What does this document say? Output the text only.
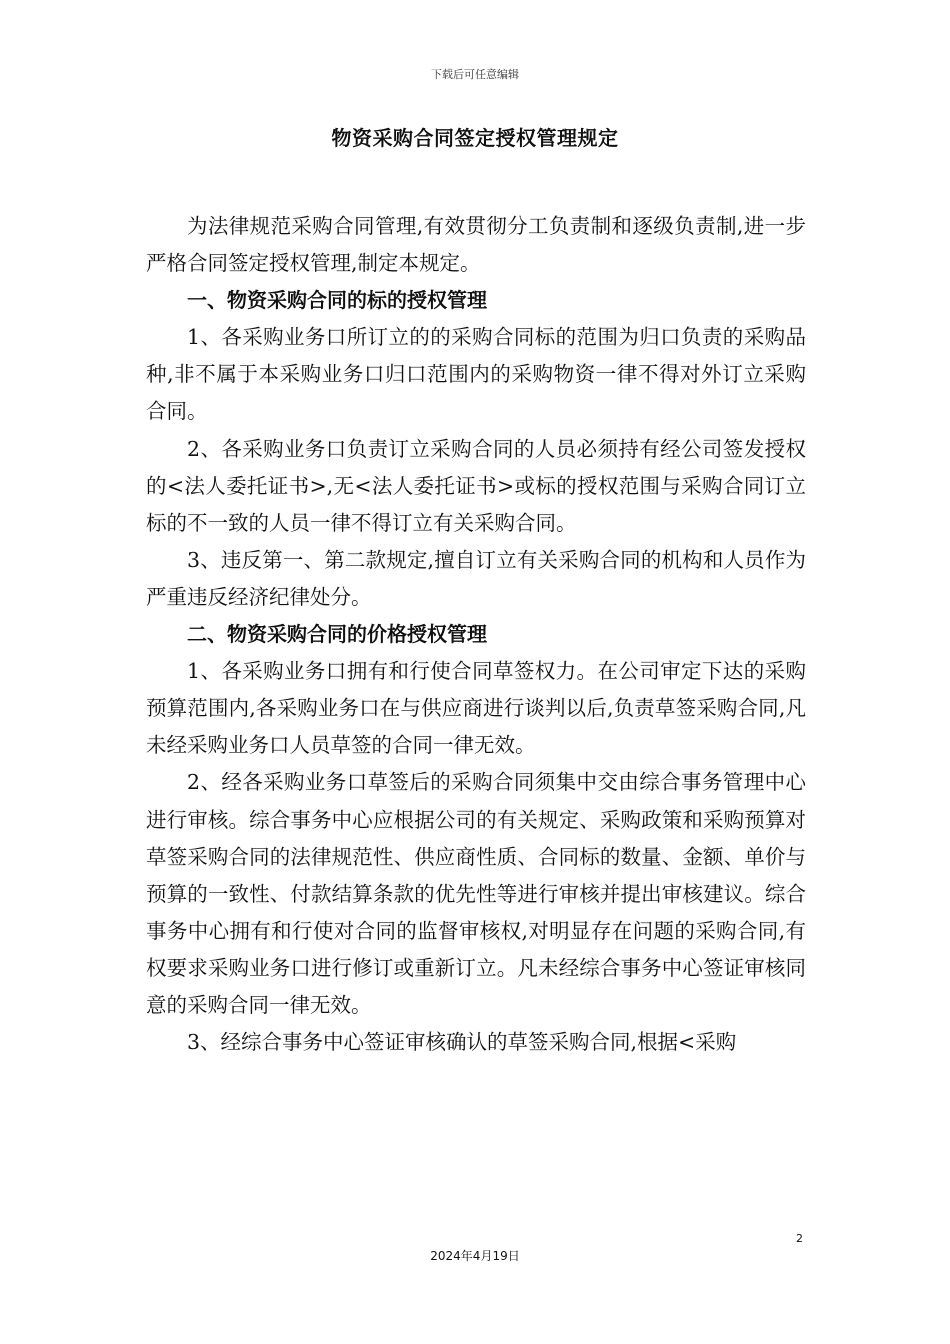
下载后可任意编辑
物资采购合同签定授权管理规定

为法律规范采购合同管理,有效贯彻分工负责制和逐级负责制,进一步严格合同签定授权管理,制定本规定。

一、物资采购合同的标的授权管理

1、各采购业务口所订立的的采购合同标的范围为归口负责的采购品种,非不属于本采购业务口归口范围内的采购物资一律不得对外订立采购合同。

2、各采购业务口负责订立采购合同的人员必须持有经公司签发授权的<法人委托证书>,无<法人委托证书>或标的授权范围与采购合同订立标的不一致的人员一律不得订立有关采购合同。

3、违反第一、第二款规定,擅自订立有关采购合同的机构和人员作为严重违反经济纪律处分。

二、物资采购合同的价格授权管理

1、各采购业务口拥有和行使合同草签权力。在公司审定下达的采购预算范围内,各采购业务口在与供应商进行谈判以后,负责草签采购合同,凡未经采购业务口人员草签的合同一律无效。

2、经各采购业务口草签后的采购合同须集中交由综合事务管理中心进行审核。综合事务中心应根据公司的有关规定、采购政策和采购预算对草签采购合同的法律规范性、供应商性质、合同标的数量、金额、单价与预算的一致性、付款结算条款的优先性等进行审核并提出审核建议。综合事务中心拥有和行使对合同的监督审核权,对明显存在问题的采购合同,有权要求采购业务口进行修订或重新订立。凡未经综合事务中心签证审核同意的采购合同一律无效。

3、经综合事务中心签证审核确认的草签采购合同,根据<采购

2
2024年4月19日
